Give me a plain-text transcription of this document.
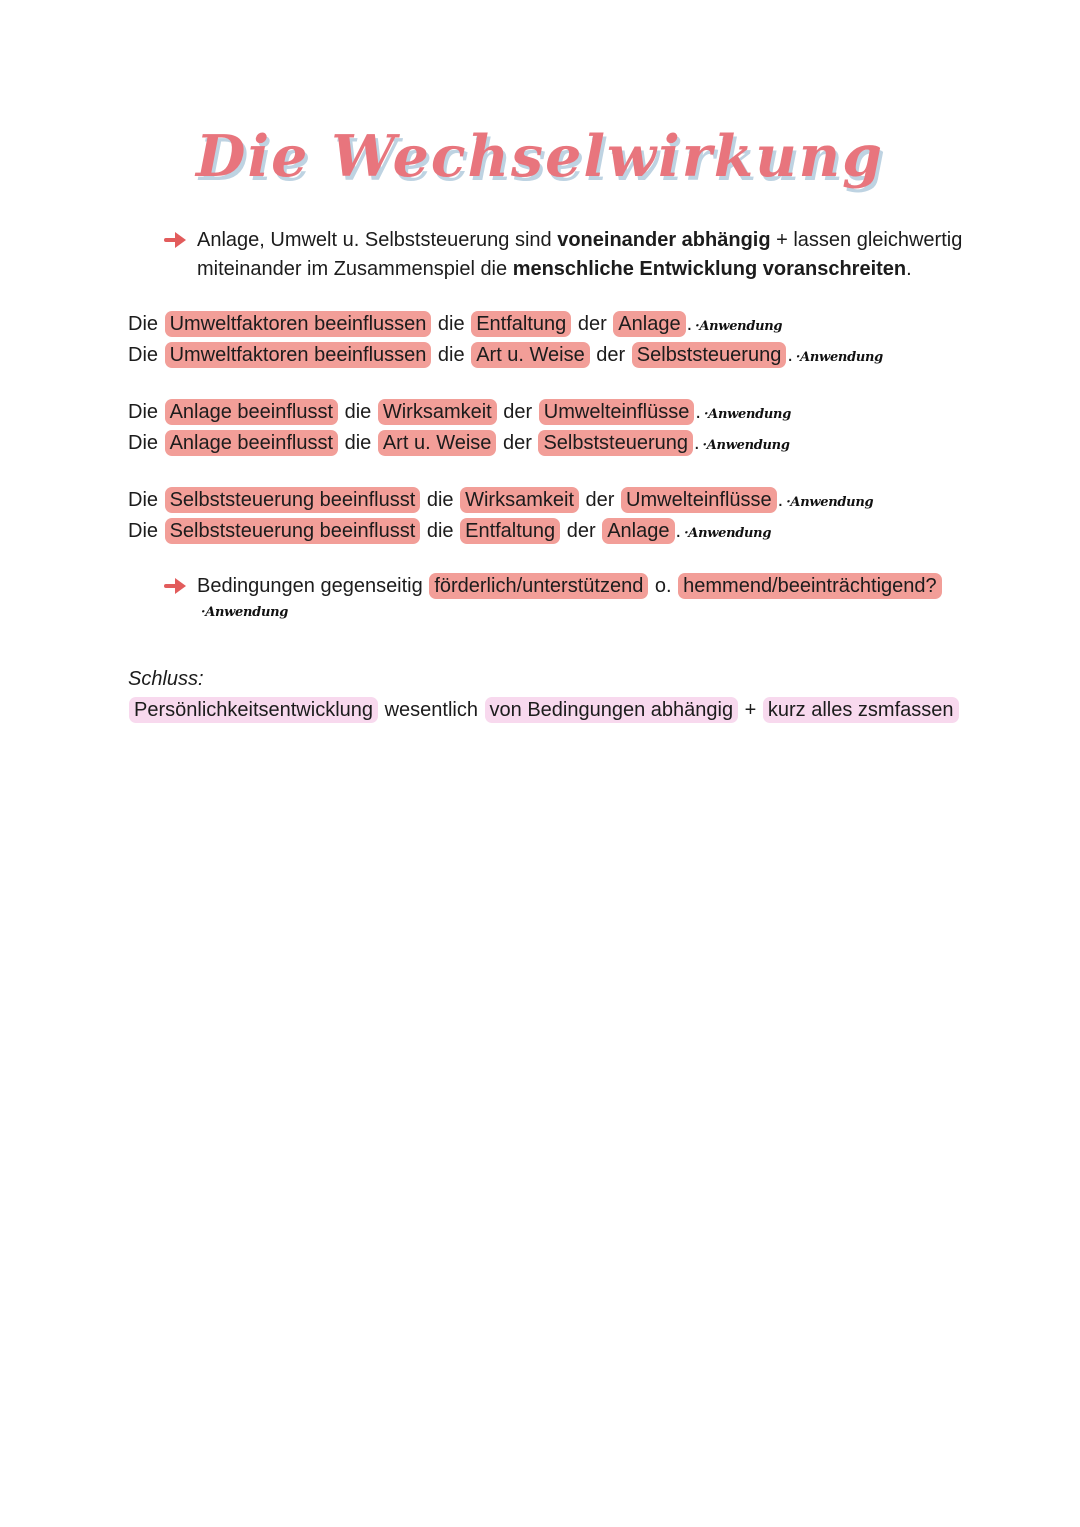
Die Wechselwirkung
Anlage, Umwelt u. Selbststeuerung sind voneinander abhängig + lassen gleichwertig
miteinander im Zusammenspiel die menschliche Entwicklung voranschreiten.
Die Umweltfaktoren beeinflussen die Entfaltung der Anlage . ·Anwendung
Die Umweltfaktoren beeinflussen die Art u. Weise der Selbststeuerung . ·Anwendung
Die Anlage beeinflusst die Wirksamkeit der Umwelteinflüsse . ·Anwendung
Die Anlage beeinflusst die Art u. Weise der Selbststeuerung . ·Anwendung
Die Selbststeuerung beeinflusst die Wirksamkeit der Umwelteinflüsse . ·Anwendung
Die Selbststeuerung beeinflusst die Entfaltung der Anlage . ·Anwendung
Bedingungen gegenseitig förderlich/unterstützend o. hemmend/beeinträchtigend?
·Anwendung
Schluss:
Persönlichkeitsentwicklung wesentlich von Bedingungen abhängig + kurz alles zsmfassen
